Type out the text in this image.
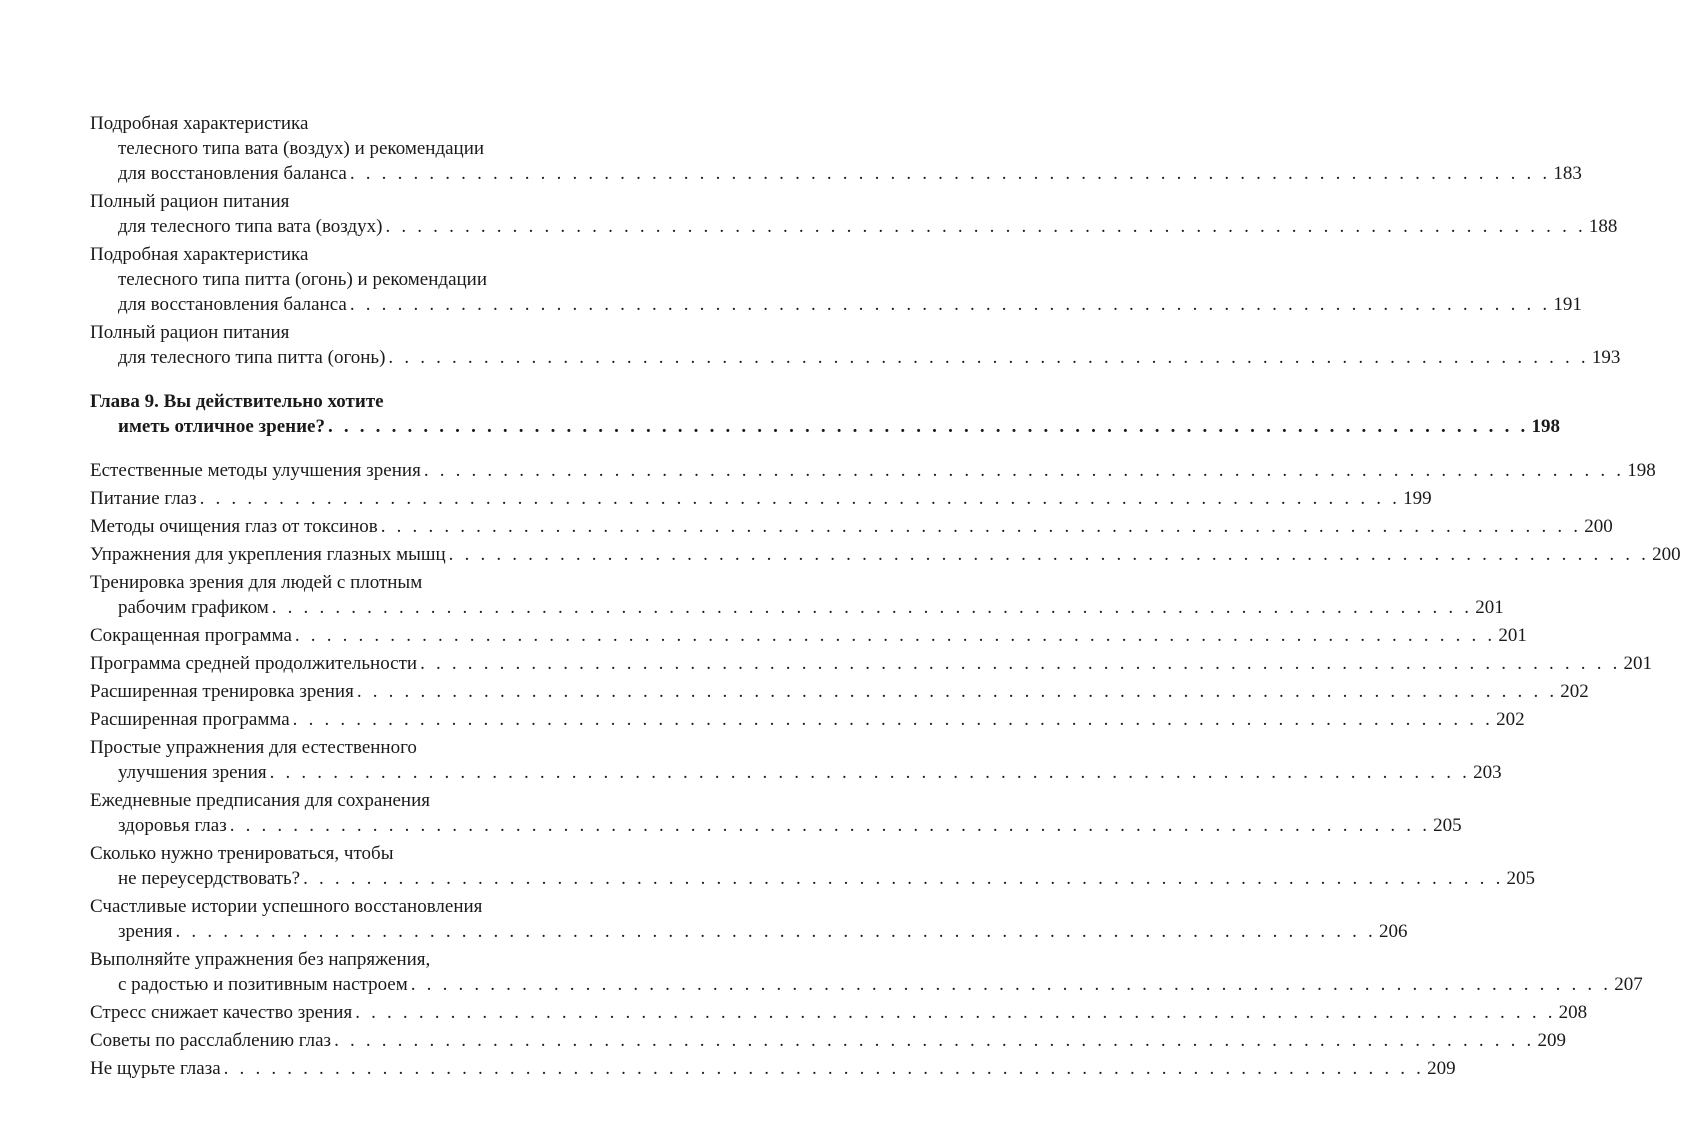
Подробная характеристика
телесного типа вата (воздух) и рекомендации
для восстановления баланса . . . . . . . . . . . . . . . . . . . . . . . . . . . . . . . . . . . . . . . . . . . . . . . . . . . . . . . . . . . . . . . . . . . . . . . . . . . . 183
Полный рацион питания
для телесного типа вата (воздух) . . . . . . . . . . . . . . . . . . . . . . . . . . . . . . . . . . . . . . . . . . . . . . . . . . . . . . . . . . . . . . . . . . . . . . . . . . . . 188
Подробная характеристика
телесного типа питта (огонь) и рекомендации
для восстановления баланса . . . . . . . . . . . . . . . . . . . . . . . . . . . . . . . . . . . . . . . . . . . . . . . . . . . . . . . . . . . . . . . . . . . . . . . . . . . . 191
Полный рацион питания
для телесного типа питта (огонь) . . . . . . . . . . . . . . . . . . . . . . . . . . . . . . . . . . . . . . . . . . . . . . . . . . . . . . . . . . . . . . . . . . . . . . . . . . . . 193
Глава 9. Вы действительно хотите
иметь отличное зрение? . . . . . . . . . . . . . . . . . . . . . . . . . . . . . . . . . . . . . . . . . . . . . . . . . . . . . . . . . . . . . . . . . . . . . . . . . . . . 198
Естественные методы улучшения зрения . . . . . . . . . . . . . . . . . . . . . . . . . . . . . . . . . . . . . . . . . . . . . . . . . . . . . . . . . . . . . . . . . . . . . . . . . . . . 198
Питание глаз . . . . . . . . . . . . . . . . . . . . . . . . . . . . . . . . . . . . . . . . . . . . . . . . . . . . . . . . . . . . . . . . . . . . . . . . . . . . 199
Методы очищения глаз от токсинов . . . . . . . . . . . . . . . . . . . . . . . . . . . . . . . . . . . . . . . . . . . . . . . . . . . . . . . . . . . . . . . . . . . . . . . . . . . . 200
Упражнения для укрепления глазных мышц . . . . . . . . . . . . . . . . . . . . . . . . . . . . . . . . . . . . . . . . . . . . . . . . . . . . . . . . . . . . . . . . . . . . . . . . . . . . 200
Тренировка зрения для людей с плотным
рабочим графиком . . . . . . . . . . . . . . . . . . . . . . . . . . . . . . . . . . . . . . . . . . . . . . . . . . . . . . . . . . . . . . . . . . . . . . . . . . . . 201
Сокращенная программа . . . . . . . . . . . . . . . . . . . . . . . . . . . . . . . . . . . . . . . . . . . . . . . . . . . . . . . . . . . . . . . . . . . . . . . . . . . . 201
Программа средней продолжительности . . . . . . . . . . . . . . . . . . . . . . . . . . . . . . . . . . . . . . . . . . . . . . . . . . . . . . . . . . . . . . . . . . . . . . . . . . . . 201
Расширенная тренировка зрения . . . . . . . . . . . . . . . . . . . . . . . . . . . . . . . . . . . . . . . . . . . . . . . . . . . . . . . . . . . . . . . . . . . . . . . . . . . . 202
Расширенная программа . . . . . . . . . . . . . . . . . . . . . . . . . . . . . . . . . . . . . . . . . . . . . . . . . . . . . . . . . . . . . . . . . . . . . . . . . . . . 202
Простые упражнения для естественного
улучшения зрения . . . . . . . . . . . . . . . . . . . . . . . . . . . . . . . . . . . . . . . . . . . . . . . . . . . . . . . . . . . . . . . . . . . . . . . . . . . . 203
Ежедневные предписания для сохранения
здоровья глаз . . . . . . . . . . . . . . . . . . . . . . . . . . . . . . . . . . . . . . . . . . . . . . . . . . . . . . . . . . . . . . . . . . . . . . . . . . . . 205
Сколько нужно тренироваться, чтобы
не переусердствовать? . . . . . . . . . . . . . . . . . . . . . . . . . . . . . . . . . . . . . . . . . . . . . . . . . . . . . . . . . . . . . . . . . . . . . . . . . . . . 205
Счастливые истории успешного восстановления
зрения . . . . . . . . . . . . . . . . . . . . . . . . . . . . . . . . . . . . . . . . . . . . . . . . . . . . . . . . . . . . . . . . . . . . . . . . . . . . 206
Выполняйте упражнения без напряжения,
с радостью и позитивным настроем . . . . . . . . . . . . . . . . . . . . . . . . . . . . . . . . . . . . . . . . . . . . . . . . . . . . . . . . . . . . . . . . . . . . . . . . . . . . 207
Стресс снижает качество зрения . . . . . . . . . . . . . . . . . . . . . . . . . . . . . . . . . . . . . . . . . . . . . . . . . . . . . . . . . . . . . . . . . . . . . . . . . . . . 208
Советы по расслаблению глаз . . . . . . . . . . . . . . . . . . . . . . . . . . . . . . . . . . . . . . . . . . . . . . . . . . . . . . . . . . . . . . . . . . . . . . . . . . . . 209
Не щурьте глаза . . . . . . . . . . . . . . . . . . . . . . . . . . . . . . . . . . . . . . . . . . . . . . . . . . . . . . . . . . . . . . . . . . . . . . . . . . . . 209
